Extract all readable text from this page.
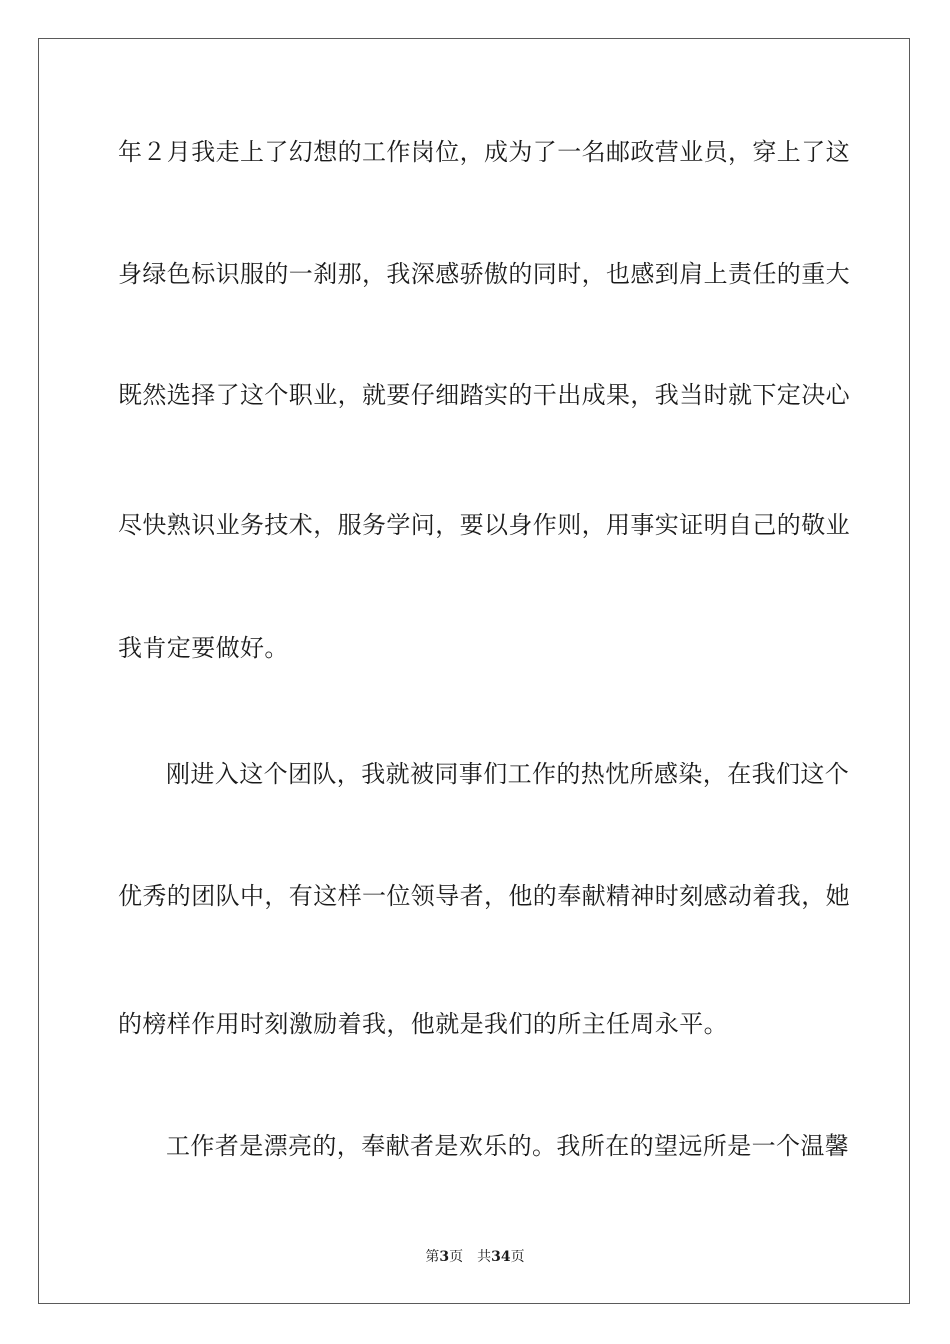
年２月我走上了幻想的工作岗位，成为了一名邮政营业员，穿上了这
身绿色标识服的一刹那，我深感骄傲的同时，也感到肩上责任的重大
既然选择了这个职业，就要仔细踏实的干出成果，我当时就下定决心
尽快熟识业务技术，服务学问，要以身作则，用事实证明自己的敬业
我肯定要做好。
刚进入这个团队，我就被同事们工作的热忱所感染，在我们这个
优秀的团队中，有这样一位领导者，他的奉献精神时刻感动着我，她
的榜样作用时刻激励着我，他就是我们的所主任周永平。
工作者是漂亮的，奉献者是欢乐的。我所在的望远所是一个温馨
第3页 共34页
